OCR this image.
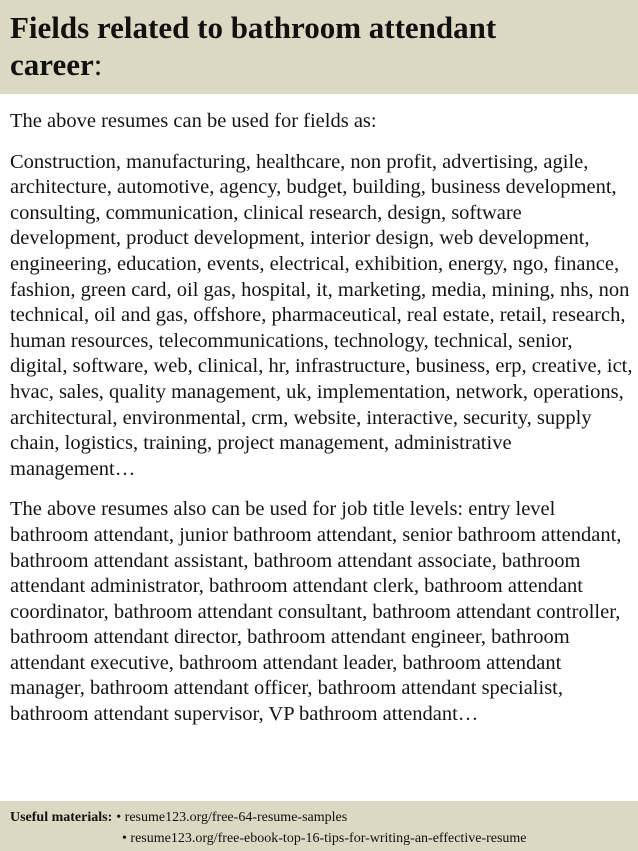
Fields related to bathroom attendant
career:

The above resumes can be used for fields as:

Construction, manufacturing, healthcare, non profit, advertising, agile, architecture, automotive, agency, budget, building, business development, consulting, communication, clinical research, design, software development, product development, interior design, web development, engineering, education, events, electrical, exhibition, energy, ngo, finance, fashion, green card, oil gas, hospital, it, marketing, media, mining, nhs, non technical, oil and gas, offshore, pharmaceutical, real estate, retail, research, human resources, telecommunications, technology, technical, senior, digital, software, web, clinical, hr, infrastructure, business, erp, creative, ict, hvac, sales, quality management, uk, implementation, network, operations, architectural, environmental, crm, website, interactive, security, supply chain, logistics, training, project management, administrative management…

The above resumes also can be used for job title levels: entry level bathroom attendant, junior bathroom attendant, senior bathroom attendant, bathroom attendant assistant, bathroom attendant associate, bathroom attendant administrator, bathroom attendant clerk, bathroom attendant coordinator, bathroom attendant consultant, bathroom attendant controller, bathroom attendant director, bathroom attendant engineer, bathroom attendant executive, bathroom attendant leader, bathroom attendant manager, bathroom attendant officer, bathroom attendant specialist, bathroom attendant supervisor, VP bathroom attendant…

Useful materials: •
resume123.org/free-64-resume-samples
•
resume123.org/free-ebook-top-16-tips-for-writing-an-effective-resume
